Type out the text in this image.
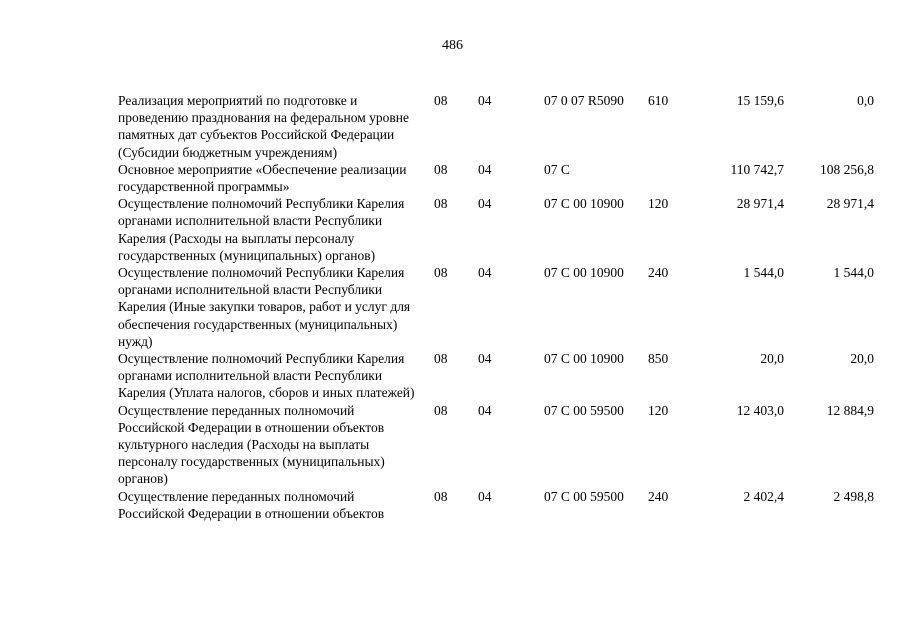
486
Реализация мероприятий по подготовке и проведению празднования на федеральном уровне памятных дат субъектов Российской Федерации (Субсидии бюджетным учреждениям)
08 04	07 0 07 R5090 610	15 159,6	0,0
Основное мероприятие «Обеспечение реализации государственной программы»
08 04	07 С	110 742,7	108 256,8
Осуществление полномочий Республики Карелия органами исполнительной власти Республики Карелия (Расходы на выплаты персоналу государственных (муниципальных) органов)
08 04	07 С 00 10900 120	28 971,4	28 971,4
Осуществление полномочий Республики Карелия органами исполнительной власти Республики Карелия (Иные закупки товаров, работ и услуг для обеспечения государственных (муниципальных) нужд)
08 04	07 С 00 10900 240	1 544,0	1 544,0
Осуществление полномочий Республики Карелия органами исполнительной власти Республики Карелия (Уплата налогов, сборов и иных платежей)
08 04	07 С 00 10900 850	20,0	20,0
Осуществление переданных полномочий Российской Федерации в отношении объектов культурного наследия (Расходы на выплаты персоналу государственных (муниципальных) органов)
08 04	07 С 00 59500 120	12 403,0	12 884,9
Осуществление переданных полномочий Российской Федерации в отношении объектов
08 04	07 С 00 59500 240	2 402,4	2 498,8
